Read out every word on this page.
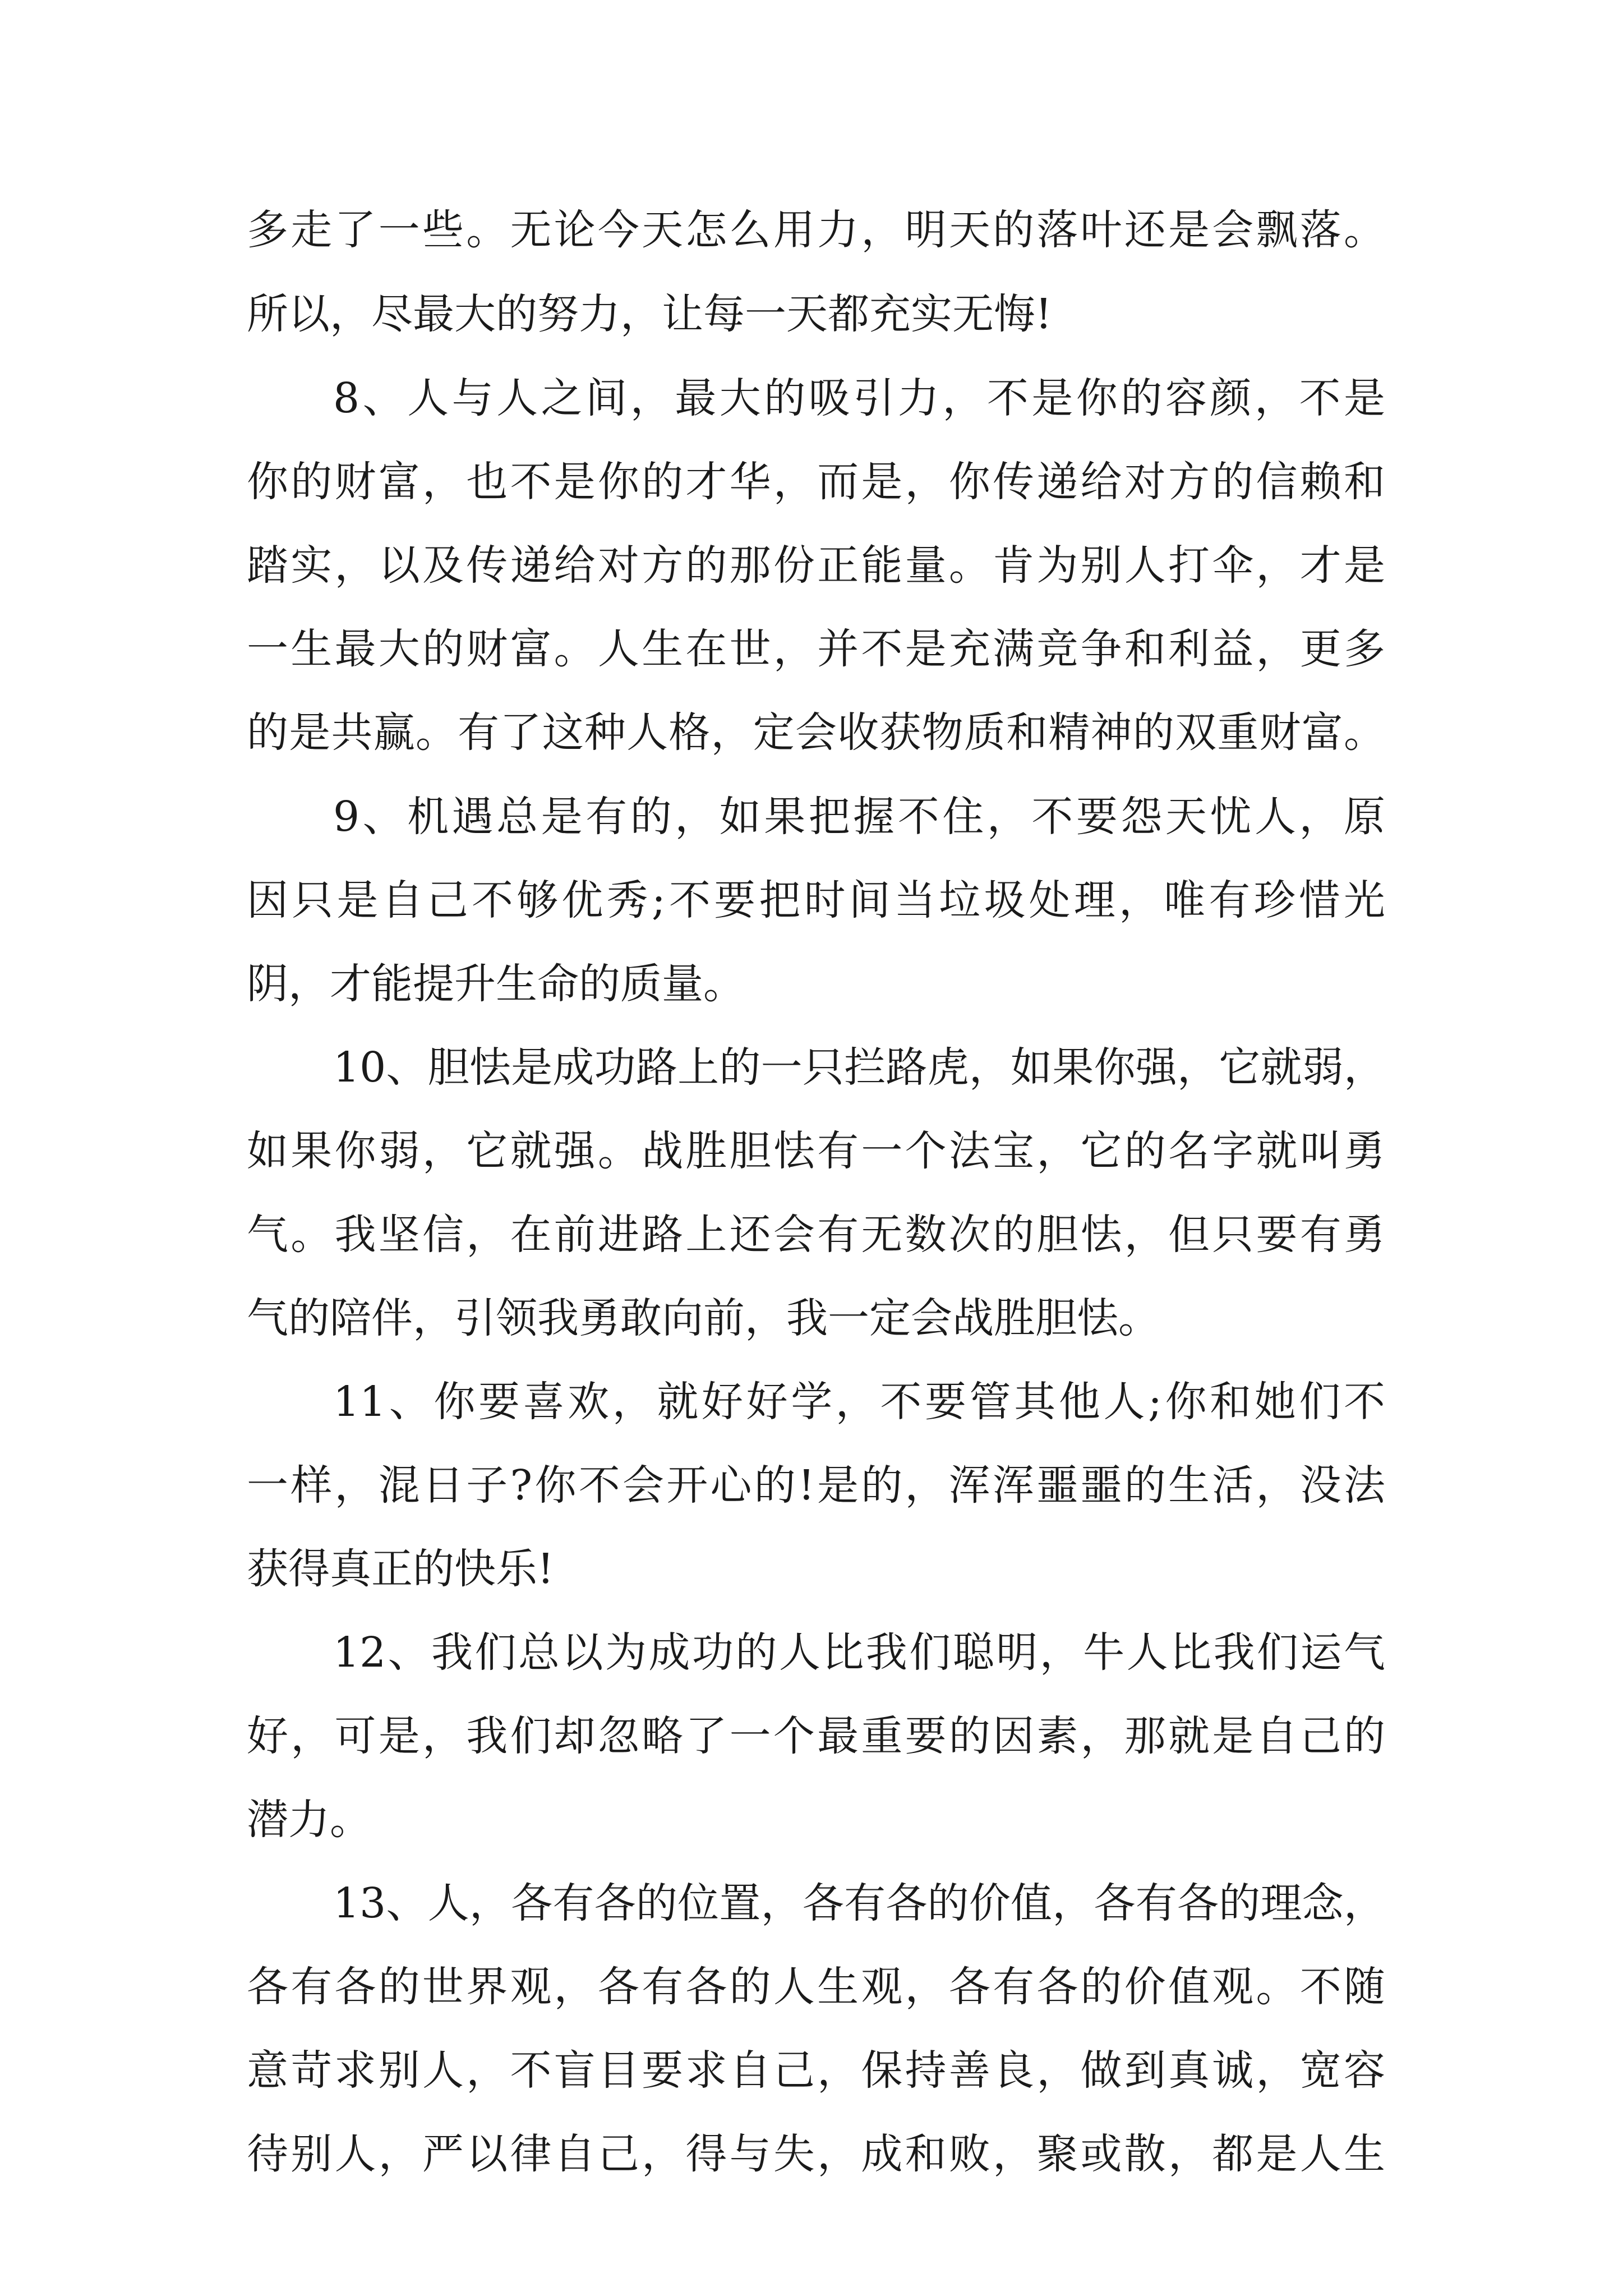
多走了一些。无论今天怎么用力，明天的落叶还是会飘落。
所以，尽最大的努力，让每一天都充实无悔!
8、人与人之间，最大的吸引力，不是你的容颜，不是
你的财富，也不是你的才华，而是，你传递给对方的信赖和
踏实，以及传递给对方的那份正能量。肯为别人打伞，才是
一生最大的财富。人生在世，并不是充满竞争和利益，更多
的是共赢。有了这种人格，定会收获物质和精神的双重财富。
9、机遇总是有的，如果把握不住，不要怨天忧人，原
因只是自己不够优秀;不要把时间当垃圾处理，唯有珍惜光
阴，才能提升生命的质量。
10、胆怯是成功路上的一只拦路虎，如果你强，它就弱，
如果你弱，它就强。战胜胆怯有一个法宝，它的名字就叫勇
气。我坚信，在前进路上还会有无数次的胆怯，但只要有勇
气的陪伴，引领我勇敢向前，我一定会战胜胆怯。
11、你要喜欢，就好好学，不要管其他人;你和她们不
一样，混日子?你不会开心的!是的，浑浑噩噩的生活，没法
获得真正的快乐!
12、我们总以为成功的人比我们聪明，牛人比我们运气
好，可是，我们却忽略了一个最重要的因素，那就是自己的
潜力。
13、人，各有各的位置，各有各的价值，各有各的理念，
各有各的世界观，各有各的人生观，各有各的价值观。不随
意苛求别人，不盲目要求自己，保持善良，做到真诚，宽容
待别人，严以律自己，得与失，成和败，聚或散，都是人生
